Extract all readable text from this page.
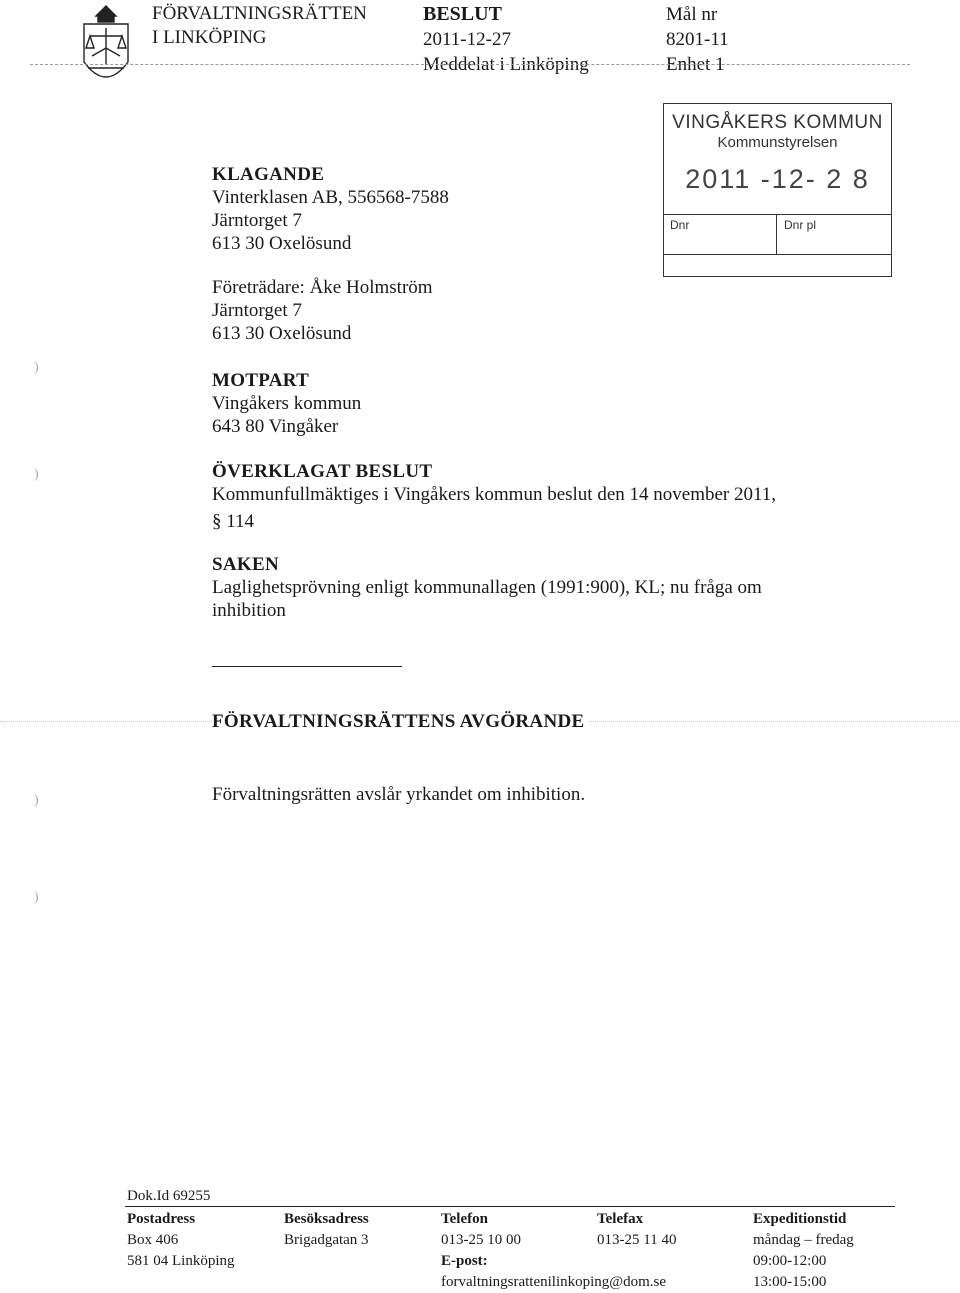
FÖRVALTNINGSRÄTTEN
I LINKÖPING
BESLUT
2011-12-27
Meddelat i Linköping
Mål nr
8201-11
Enhet 1
VINGÅKERS KOMMUN
Kommunstyrelsen
2011 -12- 2 8
Dnr	Dnr pl
KLAGANDE
Vinterklasen AB, 556568-7588
Järntorget 7
613 30 Oxelösund
Företrädare: Åke Holmström
Järntorget 7
613 30 Oxelösund
MOTPART
Vingåkers kommun
643 80 Vingåker
ÖVERKLAGAT BESLUT
Kommunfullmäktiges i Vingåkers kommun beslut den 14 november 2011,
§ 114
SAKEN
Laglighetsprövning enligt kommunallagen (1991:900), KL; nu fråga om
inhibition
FÖRVALTNINGSRÄTTENS AVGÖRANDE
Förvaltningsrätten avslår yrkandet om inhibition.
)
)
)
)
Dok.Id 69255
Postadress
Box 406
581 04 Linköping
Besöksadress
Brigadgatan 3
Telefon
013-25 10 00
E-post:
forvaltningsrattenilinkoping@dom.se
Telefax
013-25 11 40
Expeditionstid
måndag – fredag
09:00-12:00
13:00-15:00
